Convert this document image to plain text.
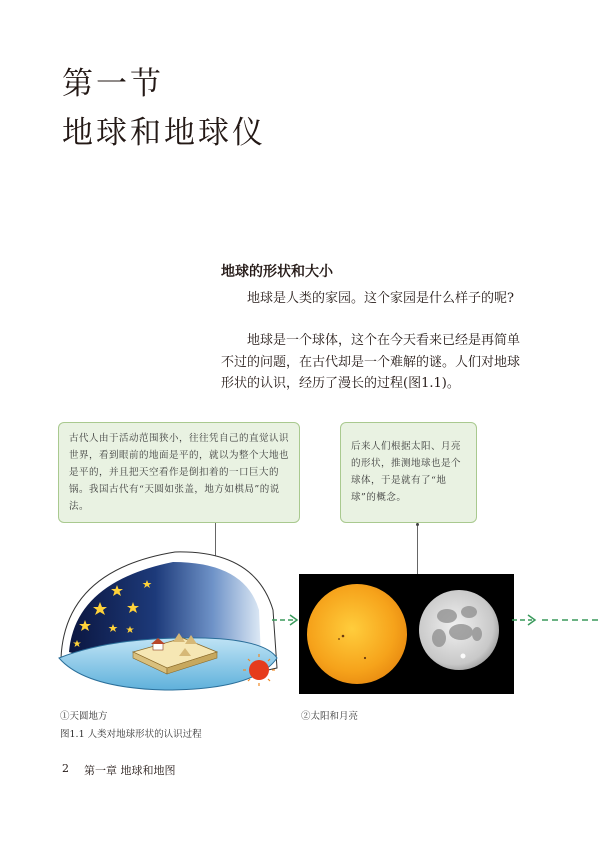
第一节
地球和地球仪
地球的形状和大小

地球是人类的家园。这个家园是什么样子的呢?

地球是一个球体，这个在今天看来已经是再简单不过的问题，在古代却是一个难解的谜。人们对地球形状的认识，经历了漫长的过程(图1.1)。

古代人由于活动范围狭小，往往凭自己的直觉认识世界，看到眼前的地面是平的，就以为整个大地也是平的，并且把天空看作是倒扣着的一口巨大的锅。我国古代有“天圆如张盖，地方如棋局”的说法。
后来人们根据太阳、月亮的形状，推测地球也是个球体，于是就有了“地球”的概念。
①天圆地方	②太阳和月亮
图1.1 人类对地球形状的认识过程
2 第一章 地球和地图
